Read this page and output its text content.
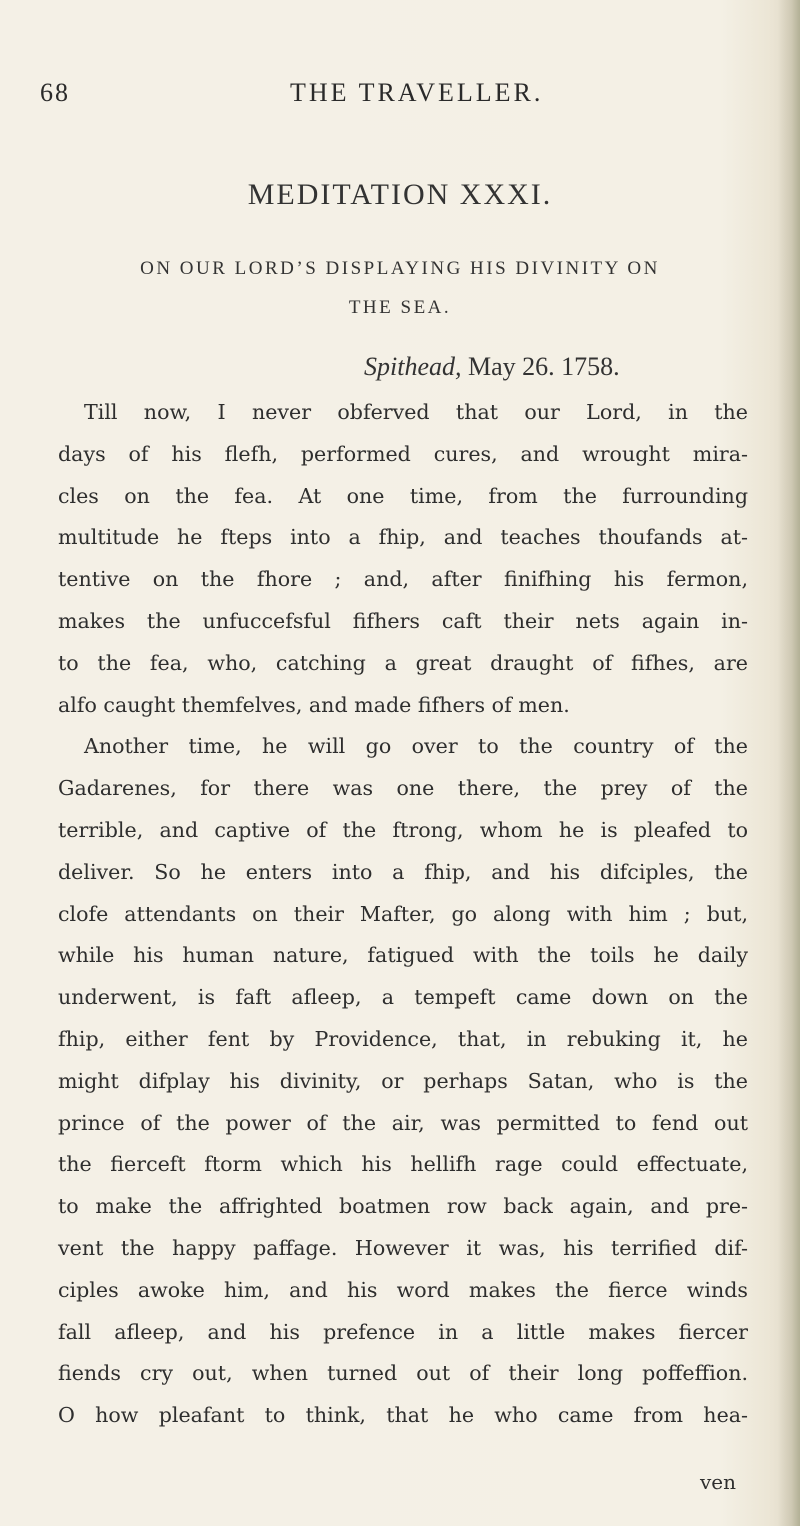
68	THE TRAVELLER.
MEDITATION XXXI.
ON OUR LORD’S DISPLAYING HIS DIVINITY ON
THE SEA.
Spithead, May 26. 1758.
Till now, I never obferved that our Lord, in the
days of his flefh, performed cures, and wrought mira-
cles on the fea. At one time, from the furrounding
multitude he fteps into a fhip, and teaches thoufands at-
tentive on the fhore ; and, after finifhing his fermon,
makes the unfuccefsful fifhers caft their nets again in-
to the fea, who, catching a great draught of fifhes, are
alfo caught themfelves, and made fifhers of men.
Another time, he will go over to the country of the
Gadarenes, for there was one there, the prey of the
terrible, and captive of the ftrong, whom he is pleafed to
deliver. So he enters into a fhip, and his difciples, the
clofe attendants on their Mafter, go along with him ; but,
while his human nature, fatigued with the toils he daily
underwent, is faft afleep, a tempeft came down on the
fhip, either fent by Providence, that, in rebuking it, he
might difplay his divinity, or perhaps Satan, who is the
prince of the power of the air, was permitted to fend out
the fierceft ftorm which his hellifh rage could effectuate,
to make the affrighted boatmen row back again, and pre-
vent the happy paffage. However it was, his terrified dif-
ciples awoke him, and his word makes the fierce winds
fall afleep, and his prefence in a little makes fiercer
fiends cry out, when turned out of their long poffeffion.
O how pleafant to think, that he who came from hea-
ven
